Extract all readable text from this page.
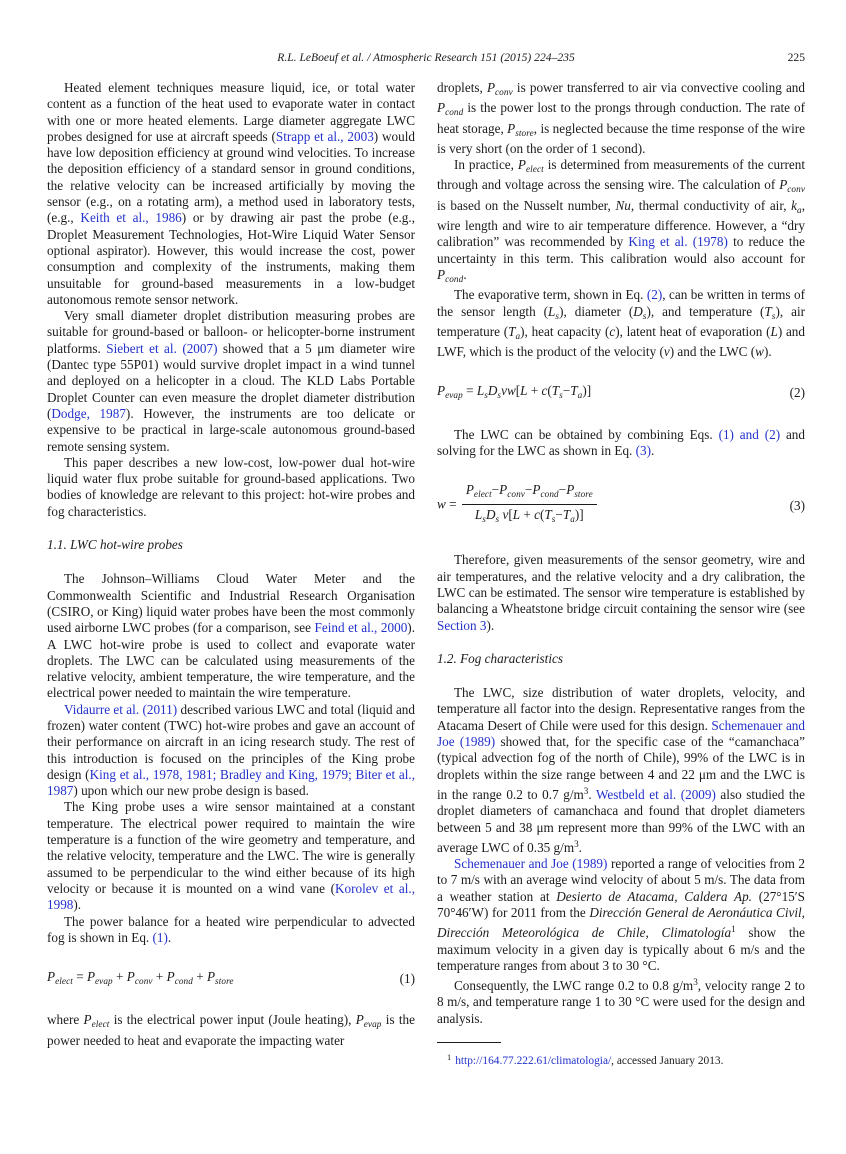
R.L. LeBoeuf et al. / Atmospheric Research 151 (2015) 224–235	225

Heated element techniques measure liquid, ice, or total water content as a function of the heat used to evaporate water in contact with one or more heated elements. Large diameter aggregate LWC probes designed for use at aircraft speeds (Strapp et al., 2003) would have low deposition efficiency at ground wind velocities. To increase the deposition efficiency of a standard sensor in ground conditions, the relative velocity can be increased artificially by moving the sensor (e.g., on a rotating arm), a method used in laboratory tests, (e.g., Keith et al., 1986) or by drawing air past the probe (e.g., Droplet Measurement Technologies, Hot-Wire Liquid Water Sensor optional aspirator). However, this would increase the cost, power consumption and complexity of the instruments, making them unsuitable for ground-based measurements in a low-budget autonomous remote sensor network.

Very small diameter droplet distribution measuring probes are suitable for ground-based or balloon- or helicopter-borne instrument platforms. Siebert et al. (2007) showed that a 5 μm diameter wire (Dantec type 55P01) would survive droplet impact in a wind tunnel and deployed on a helicopter in a cloud. The KLD Labs Portable Droplet Counter can even measure the droplet diameter distribution (Dodge, 1987). However, the instruments are too delicate or expensive to be practical in large-scale autonomous ground-based remote sensing system.

This paper describes a new low-cost, low-power dual hot-wire liquid water flux probe suitable for ground-based applications. Two bodies of knowledge are relevant to this project: hot-wire probes and fog characteristics.

1.1. LWC hot-wire probes

The Johnson–Williams Cloud Water Meter and the Commonwealth Scientific and Industrial Research Organisation (CSIRO, or King) liquid water probes have been the most commonly used airborne LWC probes (for a comparison, see Feind et al., 2000). A LWC hot-wire probe is used to collect and evaporate water droplets. The LWC can be calculated using measurements of the relative velocity, ambient temperature, the wire temperature, and the electrical power needed to maintain the wire temperature.

Vidaurre et al. (2011) described various LWC and total (liquid and frozen) water content (TWC) hot-wire probes and gave an account of their performance on aircraft in an icing research study. The rest of this introduction is focused on the principles of the King probe design (King et al., 1978, 1981; Bradley and King, 1979; Biter et al., 1987) upon which our new probe design is based.

The King probe uses a wire sensor maintained at a constant temperature. The electrical power required to maintain the wire temperature is a function of the wire geometry and temperature, and the relative velocity, temperature and the LWC. The wire is generally assumed to be perpendicular to the wind either because of its high velocity or because it is mounted on a wind vane (Korolev et al., 1998).

The power balance for a heated wire perpendicular to advected fog is shown in Eq. (1).

$P_{elect} = P_{evap} + P_{conv} + P_{cond} + P_{store}$	(1)

where $P_{elect}$ is the electrical power input (Joule heating), $P_{evap}$ is the power needed to heat and evaporate the impacting water

droplets, $P_{conv}$ is power transferred to air via convective cooling and $P_{cond}$ is the power lost to the prongs through conduction. The rate of heat storage, $P_{store}$, is neglected because the time response of the wire is very short (on the order of 1 second).

In practice, $P_{elect}$ is determined from measurements of the current through and voltage across the sensing wire. The calculation of $P_{conv}$ is based on the Nusselt number, Nu, thermal conductivity of air, $k_a$, wire length and wire to air temperature difference. However, a “dry calibration” was recommended by King et al. (1978) to reduce the uncertainty in this term. This calibration would also account for $P_{cond}$.

The evaporative term, shown in Eq. (2), can be written in terms of the sensor length $(L_s)$, diameter $(D_s)$, and temperature $(T_s)$, air temperature $(T_a)$, heat capacity (c), latent heat of evaporation (L) and LWF, which is the product of the velocity (v) and the LWC (w).

$P_{evap} = L_sD_svw[L + c(T_s-T_a)]$	(2)

The LWC can be obtained by combining Eqs. (1) and (2) and solving for the LWC as shown in Eq. (3).

$w = \frac{P_{elect}-P_{conv}-P_{cond}-P_{store}}{L_sD_s v[L + c(T_s-T_a)]}$	(3)

Therefore, given measurements of the sensor geometry, wire and air temperatures, and the relative velocity and a dry calibration, the LWC can be estimated. The sensor wire temperature is established by balancing a Wheatstone bridge circuit containing the sensor wire (see Section 3).

1.2. Fog characteristics

The LWC, size distribution of water droplets, velocity, and temperature all factor into the design. Representative ranges from the Atacama Desert of Chile were used for this design. Schemenauer and Joe (1989) showed that, for the specific case of the “camanchaca” (typical advection fog of the north of Chile), 99% of the LWC is in droplets within the size range between 4 and 22 μm and the LWC is in the range 0.2 to 0.7 $g/m^3$. Westbeld et al. (2009) also studied the droplet diameters of camanchaca and found that droplet diameters between 5 and 38 μm represent more than 99% of the LWC with an average LWC of 0.35 $g/m^3$.

Schemenauer and Joe (1989) reported a range of velocities from 2 to 7 m/s with an average wind velocity of about 5 m/s. The data from a weather station at Desierto de Atacama, Caldera Ap. (27°15′S 70°46′W) for 2011 from the Dirección General de Aeronáutica Civil, Dirección Meteorológica de Chile, Climatología$^1$ show the maximum velocity in a given day is typically about 6 m/s and the temperature ranges from about 3 to 30 °C.

Consequently, the LWC range 0.2 to 0.8 $g/m^3$, velocity range 2 to 8 m/s, and temperature range 1 to 30 °C were used for the design and analysis.

$^1$ http://164.77.222.61/climatologia/, accessed January 2013.
